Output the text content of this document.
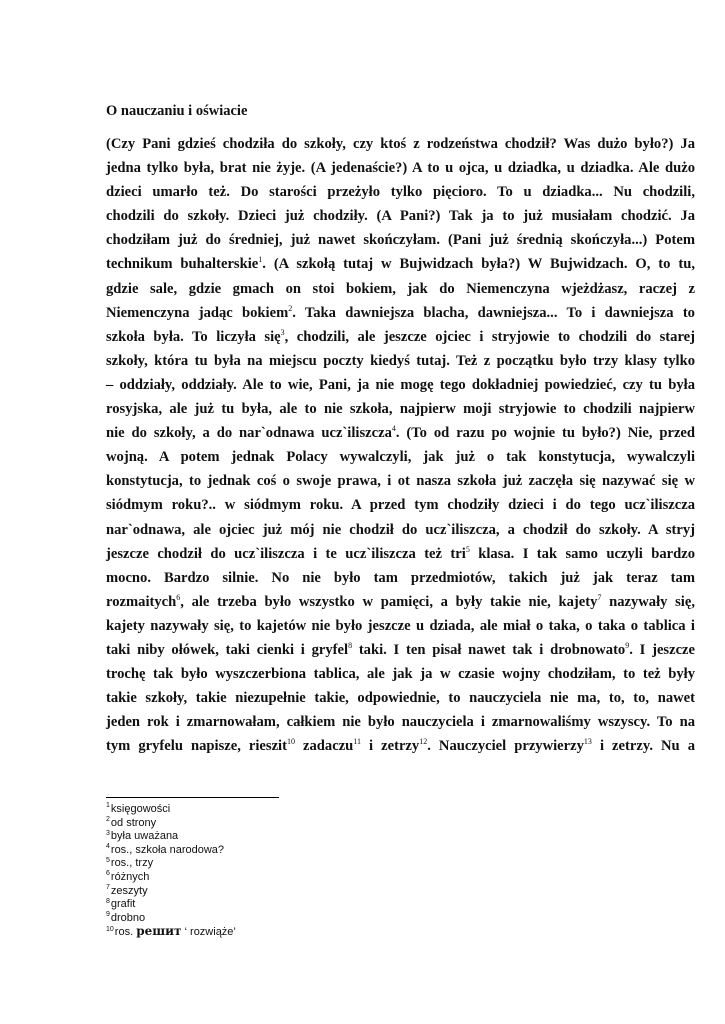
O nauczaniu i oświacie
(Czy Pani gdzieś chodziła do szkoły, czy ktoś z rodzeństwa chodził? Was dużo było?) Ja
jedna tylko była, brat nie żyje. (A jedenaście?) A to u ojca, u dziadka, u dziadka. Ale dużo
dzieci umarło też. Do starości przeżyło tylko pięcioro. To u dziadka... Nu chodzili,
chodzili do szkoły. Dzieci już chodziły. (A Pani?) Tak ja to już musiałam chodzić. Ja
chodziłam już do średniej, już nawet skończyłam. (Pani już średnią skończyła...) Potem
technikum buhalterskie$^1$. (A szkołą tutaj w Bujwidzach była?) W Bujwidzach. O, to tu,
gdzie sale, gdzie gmach on stoi bokiem, jak do Niemenczyna wjeżdżasz, raczej z
Niemenczyna jadąc bokiem$^2$. Taka dawniejsza blacha, dawniejsza... To i dawniejsza to
szkoła była. To liczyła się$^3$, chodzili, ale jeszcze ojciec i stryjowie to chodzili do starej
szkoły, która tu była na miejscu poczty kiedyś tutaj. Też z początku było trzy klasy tylko
– oddziały, oddziały. Ale to wie, Pani, ja nie mogę tego dokładniej powiedzieć, czy tu była
rosyjska, ale już tu była, ale to nie szkoła, najpierw moji stryjowie to chodzili najpierw
nie do szkoły, a do nar`odnawa ucz`iliszcza$^4$. (To od razu po wojnie tu było?) Nie, przed
wojną. A potem jednak Polacy wywalczyli, jak już o tak konstytucja, wywalczyli
konstytucja, to jednak coś o swoje prawa, i ot nasza szkoła już zaczęła się nazywać się w
siódmym roku?.. w siódmym roku. A przed tym chodziły dzieci i do tego ucz`iliszcza
nar`odnawa, ale ojciec już mój nie chodził do ucz`iliszcza, a chodził do szkoły. A stryj
jeszcze chodził do ucz`iliszcza i te ucz`iliszcza też tri$^5$ klasa. I tak samo uczyli bardzo
mocno. Bardzo silnie. No nie było tam przedmiotów, takich już jak teraz tam
rozmaitych$^6$, ale trzeba było wszystko w pamięci, a były takie nie, kajety$^7$ nazywały się,
kajety nazywały się, to kajetów nie było jeszcze u dziada, ale miał o taka, o taka o tablica i
taki niby ołówek, taki cienki i gryfel$^8$ taki. I ten pisał nawet tak i drobnowato$^9$. I jeszcze
trochę tak było wyszczerbiona tablica, ale jak ja w czasie wojny chodziłam, to też były
takie szkoły, takie niezupełnie takie, odpowiednie, to nauczyciela nie ma, to, to, nawet
jeden rok i zmarnowałam, całkiem nie było nauczyciela i zmarnowaliśmy wszyscy. To na
tym gryfelu napisze, rieszit$^{10}$ zadaczu$^{11}$ i zetrzy$^{12}$. Nauczyciel przywierzy$^{13}$ i zetrzy. Nu a
$^1$księgowości
$^2$od strony
$^3$była uważana
$^4$ros., szkoła narodowa?
$^5$ros., trzy
$^6$różnych
$^7$zeszyty
$^8$grafit
$^9$drobno
$^{10}$ros. решит ‘ rozwiąże’
